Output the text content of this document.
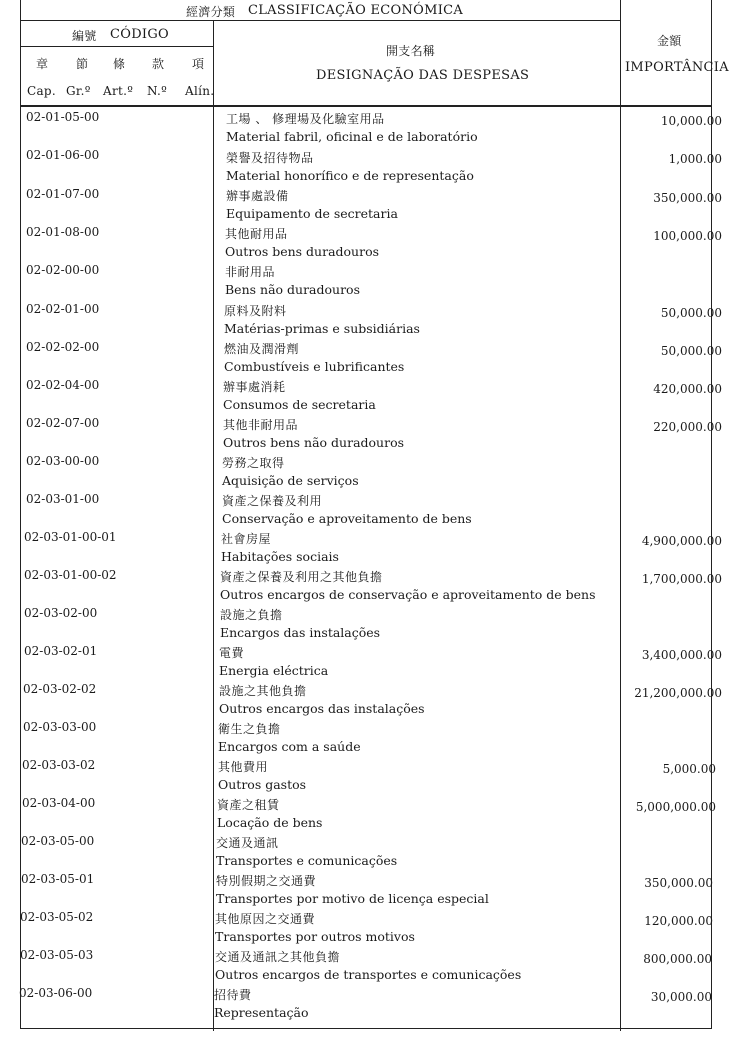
經濟分類 CLASSIFICAÇÃO ECONÓMICA
編號 CÓDIGO
章 節 條 款 項
Cap. Gr.º Art.º N.º Alín.
開支名稱
DESIGNAÇÃO DAS DESPESAS
金額
IMPORTÂNCIA
02-01-05-00	工場 、 修理場及化驗室用品
Material fabril, oficinal e de laboratório
10,000.00
02-01-06-00	榮譽及招待物品
Material honorífico e de representação
1,000.00
02-01-07-00	辦事處設備
Equipamento de secretaria
350,000.00
02-01-08-00	其他耐用品
Outros bens duradouros
100,000.00
02-02-00-00	非耐用品
Bens não duradouros
02-02-01-00	原料及附料
Matérias-primas e subsidiárias
50,000.00
02-02-02-00	燃油及潤滑劑
Combustíveis e lubrificantes
50,000.00
02-02-04-00	辦事處消耗
Consumos de secretaria
420,000.00
02-02-07-00	其他非耐用品
Outros bens não duradouros
220,000.00
02-03-00-00	勞務之取得
Aquisição de serviços
02-03-01-00	資產之保養及利用
Conservação e aproveitamento de bens
02-03-01-00-01	社會房屋
Habitações sociais
4,900,000.00
02-03-01-00-02	資產之保養及利用之其他負擔
Outros encargos de conservação e aproveitamento de bens
1,700,000.00
02-03-02-00	設施之負擔
Encargos das instalações
02-03-02-01	電費
Energia eléctrica
3,400,000.00
02-03-02-02	設施之其他負擔
Outros encargos das instalações
21,200,000.00
02-03-03-00	衛生之負擔
Encargos com a saúde
02-03-03-02	其他費用
Outros gastos
5,000.00
02-03-04-00	資產之租賃
Locação de bens
5,000,000.00
02-03-05-00	交通及通訊
Transportes e comunicações
02-03-05-01	特別假期之交通費
Transportes por motivo de licença especial
350,000.00
02-03-05-02	其他原因之交通費
Transportes por outros motivos
120,000.00
02-03-05-03	交通及通訊之其他負擔
Outros encargos de transportes e comunicações
800,000.00
02-03-06-00	招待費
Representação
30,000.00
